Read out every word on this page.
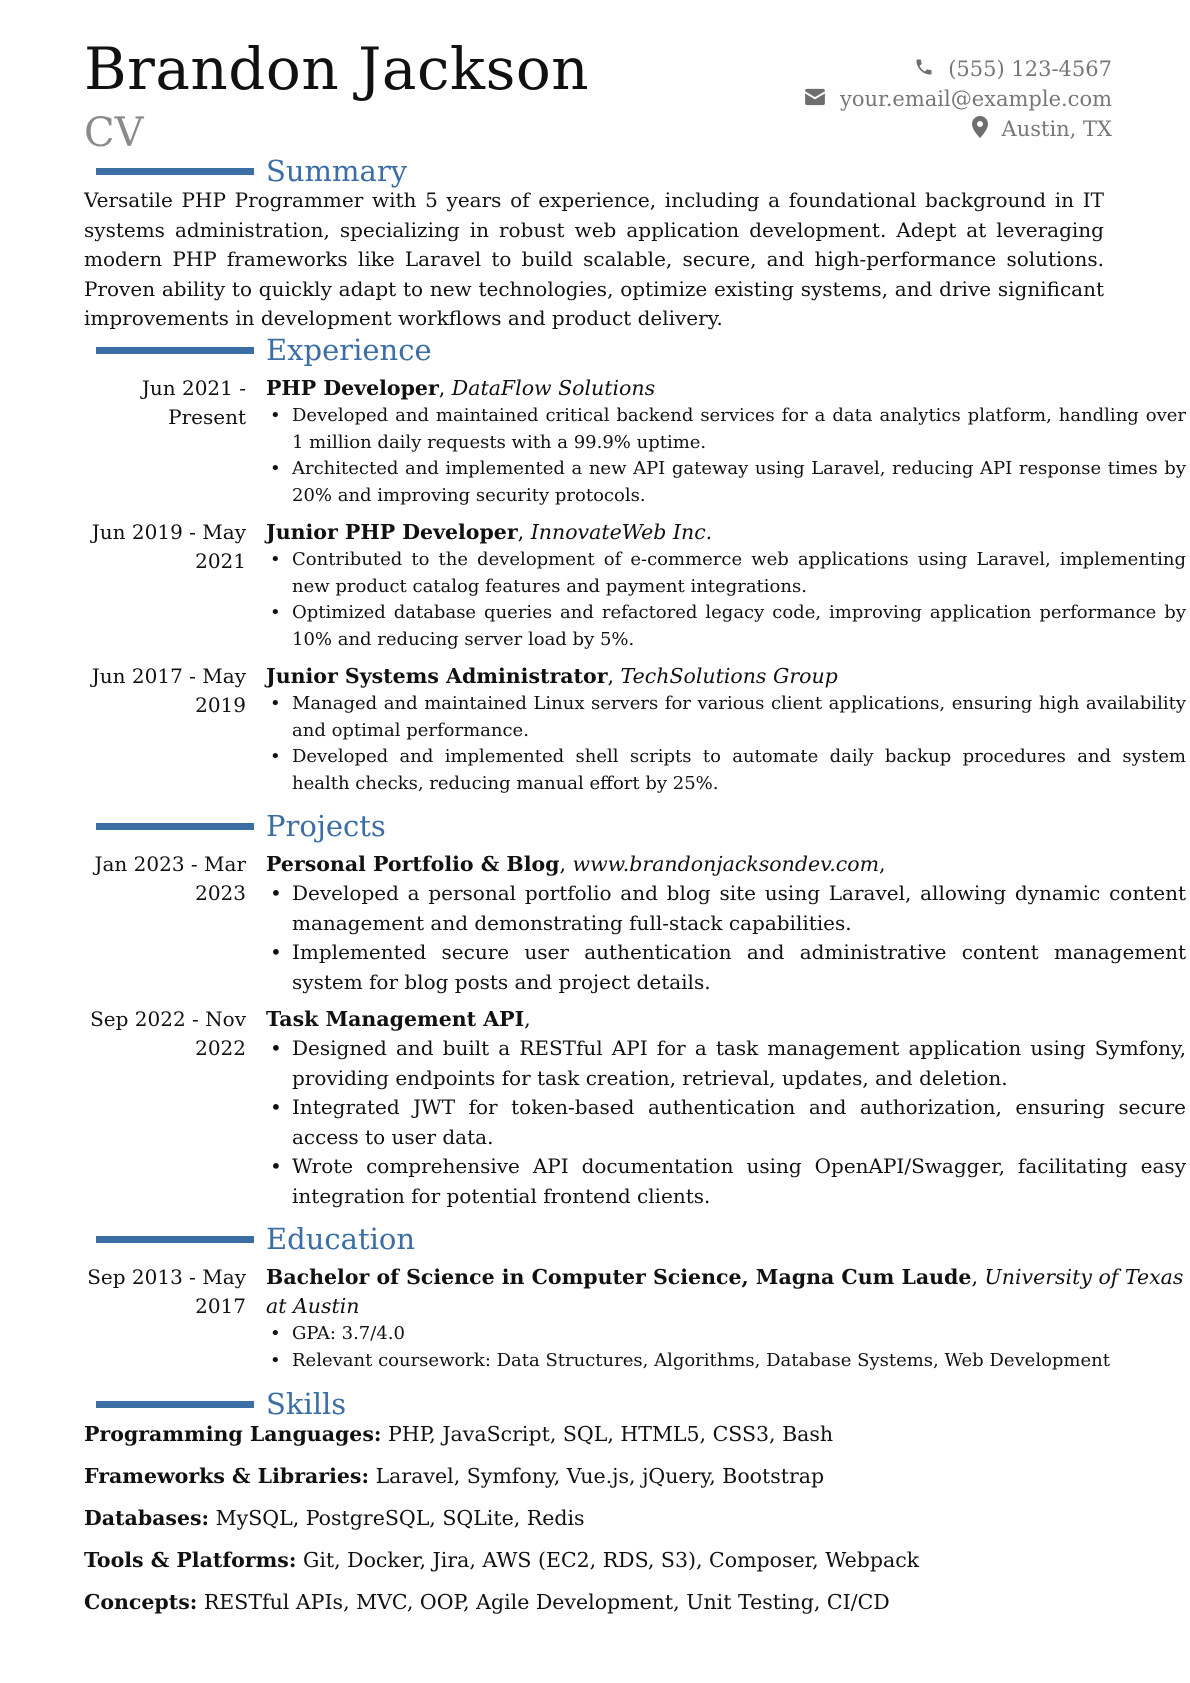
Brandon Jackson
CV
(555) 123-4567
your.email@example.com
Austin, TX
Summary
Versatile PHP Programmer with 5 years of experience, including a foundational background in IT systems administration, specializing in robust web application development. Adept at leveraging modern PHP frameworks like Laravel to build scalable, secure, and high-performance solutions. Proven ability to quickly adapt to new technologies, optimize existing systems, and drive significant improvements in development workflows and product delivery.
Experience
Jun 2021 - Present
PHP Developer, DataFlow Solutions
• Developed and maintained critical backend services for a data analytics platform, handling over 1 million daily requests with a 99.9% uptime.
• Architected and implemented a new API gateway using Laravel, reducing API response times by 20% and improving security protocols.
Jun 2019 - May 2021
Junior PHP Developer, InnovateWeb Inc.
• Contributed to the development of e-commerce web applications using Laravel, implementing new product catalog features and payment integrations.
• Optimized database queries and refactored legacy code, improving application performance by 10% and reducing server load by 5%.
Jun 2017 - May 2019
Junior Systems Administrator, TechSolutions Group
• Managed and maintained Linux servers for various client applications, ensuring high availability and optimal performance.
• Developed and implemented shell scripts to automate daily backup procedures and system health checks, reducing manual effort by 25%.
Projects
Jan 2023 - Mar 2023
Personal Portfolio & Blog, www.brandonjacksondev.com,
• Developed a personal portfolio and blog site using Laravel, allowing dynamic content management and demonstrating full-stack capabilities.
• Implemented secure user authentication and administrative content management system for blog posts and project details.
Sep 2022 - Nov 2022
Task Management API,
• Designed and built a RESTful API for a task management application using Symfony, providing endpoints for task creation, retrieval, updates, and deletion.
• Integrated JWT for token-based authentication and authorization, ensuring secure access to user data.
• Wrote comprehensive API documentation using OpenAPI/Swagger, facilitating easy integration for potential frontend clients.
Education
Sep 2013 - May 2017
Bachelor of Science in Computer Science, Magna Cum Laude, University of Texas at Austin
• GPA: 3.7/4.0
• Relevant coursework: Data Structures, Algorithms, Database Systems, Web Development
Skills
Programming Languages: PHP, JavaScript, SQL, HTML5, CSS3, Bash
Frameworks & Libraries: Laravel, Symfony, Vue.js, jQuery, Bootstrap
Databases: MySQL, PostgreSQL, SQLite, Redis
Tools & Platforms: Git, Docker, Jira, AWS (EC2, RDS, S3), Composer, Webpack
Concepts: RESTful APIs, MVC, OOP, Agile Development, Unit Testing, CI/CD
